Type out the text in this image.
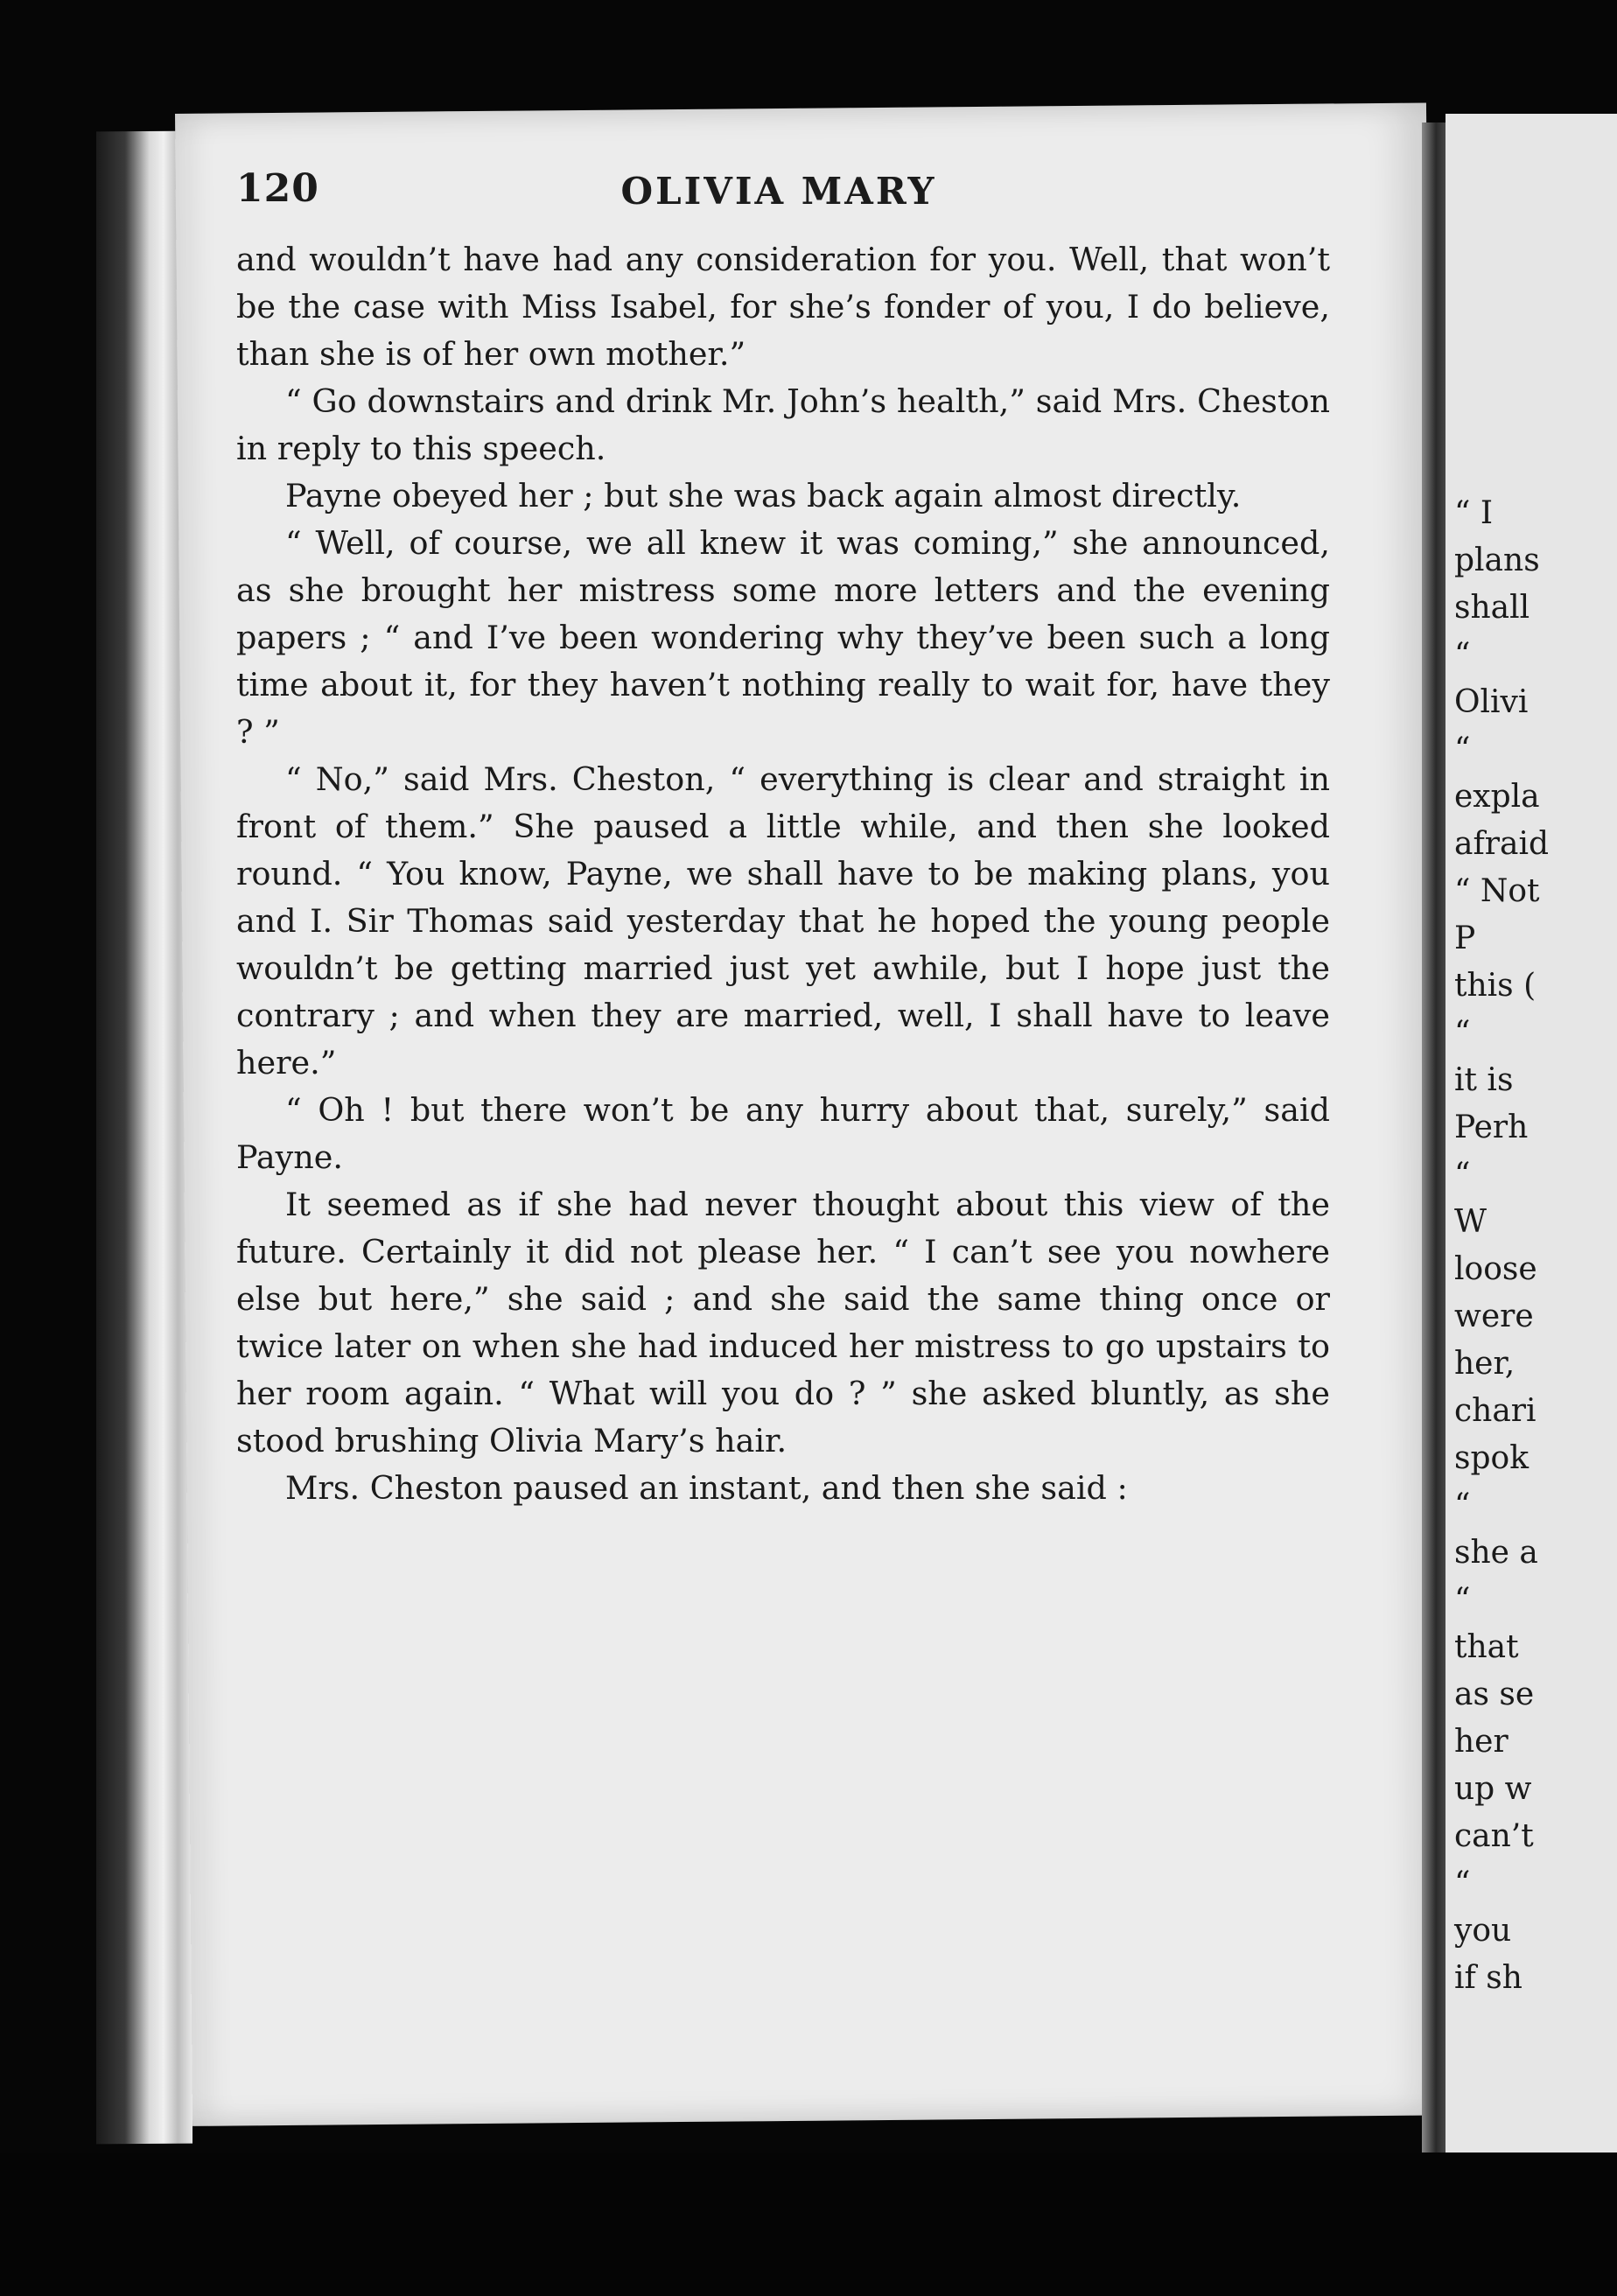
“ I
plans
shall
“
Olivi
“
expla
afraid
“ Not
P
this (
“
it is
Perh
“
W
loose
were
her,
chari
spok
“
she a
“
that
as se
her
up w
can’t
“
you
if sh
120	OLIVIA MARY

and wouldn’t have had any consideration for you. Well, that won’t be the case with Miss Isabel, for she’s fonder of you, I do believe, than she is of her own mother.”

“ Go downstairs and drink Mr. John’s health,” said Mrs. Cheston in reply to this speech.

Payne obeyed her ; but she was back again almost directly.

“ Well, of course, we all knew it was coming,” she announced, as she brought her mistress some more letters and the evening papers ; “ and I’ve been wondering why they’ve been such a long time about it, for they haven’t nothing really to wait for, have they ? ”

“ No,” said Mrs. Cheston, “ everything is clear and straight in front of them.” She paused a little while, and then she looked round. “ You know, Payne, we shall have to be making plans, you and I. Sir Thomas said yesterday that he hoped the young people wouldn’t be getting married just yet awhile, but I hope just the contrary ; and when they are married, well, I shall have to leave here.”

“ Oh ! but there won’t be any hurry about that, surely,” said Payne.

It seemed as if she had never thought about this view of the future. Certainly it did not please her. “ I can’t see you nowhere else but here,” she said ; and she said the same thing once or twice later on when she had induced her mistress to go upstairs to her room again. “ What will you do ? ” she asked bluntly, as she stood brushing Olivia Mary’s hair.

Mrs. Cheston paused an instant, and then she said :
